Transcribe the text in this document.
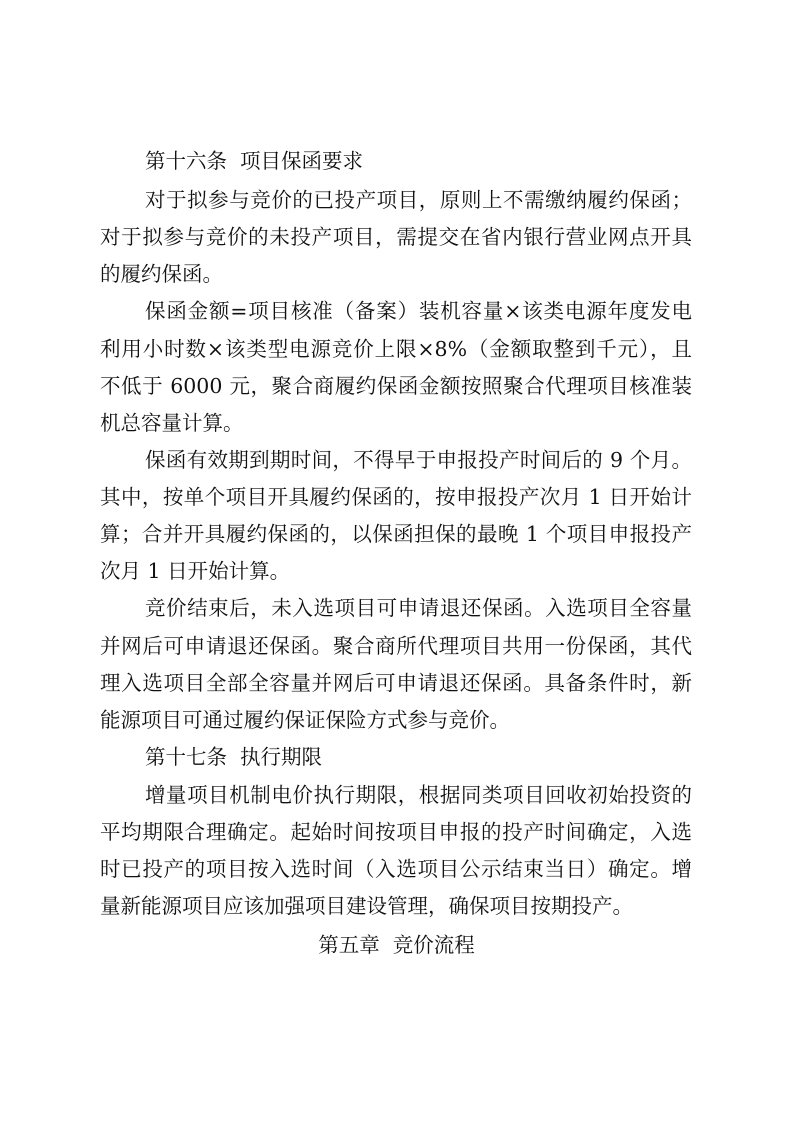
第十六条  项目保函要求
对于拟参与竞价的已投产项目，原则上不需缴纳履约保函；
对于拟参与竞价的未投产项目，需提交在省内银行营业网点开具
的履约保函。
保函金额=项目核准（备案）装机容量×该类电源年度发电
利用小时数×该类型电源竞价上限×8%（金额取整到千元），且
不低于 6000 元，聚合商履约保函金额按照聚合代理项目核准装
机总容量计算。
保函有效期到期时间，不得早于申报投产时间后的 9 个月。
其中，按单个项目开具履约保函的，按申报投产次月 1 日开始计
算；合并开具履约保函的，以保函担保的最晚 1 个项目申报投产
次月 1 日开始计算。
竞价结束后，未入选项目可申请退还保函。入选项目全容量
并网后可申请退还保函。聚合商所代理项目共用一份保函，其代
理入选项目全部全容量并网后可申请退还保函。具备条件时，新
能源项目可通过履约保证保险方式参与竞价。
第十七条  执行期限
增量项目机制电价执行期限，根据同类项目回收初始投资的
平均期限合理确定。起始时间按项目申报的投产时间确定，入选
时已投产的项目按入选时间（入选项目公示结束当日）确定。增
量新能源项目应该加强项目建设管理，确保项目按期投产。
第五章  竞价流程
